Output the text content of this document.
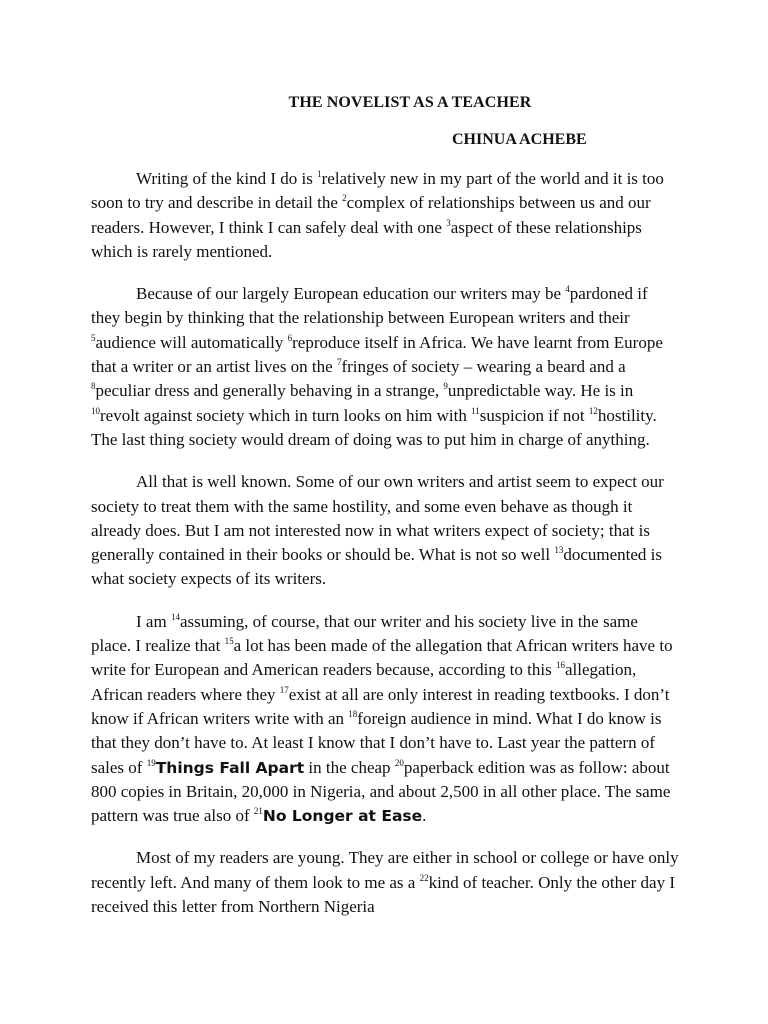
THE NOVELIST AS A TEACHER
CHINUA ACHEBE

Writing of the kind I do is $^1$relatively new in my part of the world and it is too soon to try and describe in detail the $^2$complex of relationships between us and our readers. However, I think I can safely deal with one $^3$aspect of these relationships which is rarely mentioned.

Because of our largely European education our writers may be $^4$pardoned if they begin by thinking that the relationship between European writers and their $^5$audience will automatically $^6$reproduce itself in Africa. We have learnt from Europe that a writer or an artist lives on the $^7$fringes of society – wearing a beard and a $^8$peculiar dress and generally behaving in a strange, $^9$unpredictable way. He is in $^{10}$revolt against society which in turn looks on him with $^{11}$suspicion if not $^{12}$hostility. The last thing society would dream of doing was to put him in charge of anything.

All that is well known. Some of our own writers and artist seem to expect our society to treat them with the same hostility, and some even behave as though it already does. But I am not interested now in what writers expect of society; that is generally contained in their books or should be. What is not so well $^{13}$documented is what society expects of its writers.

I am $^{14}$assuming, of course, that our writer and his society live in the same place. I realize that $^{15}$a lot has been made of the allegation that African writers have to write for European and American readers because, according to this $^{16}$allegation, African readers where they $^{17}$exist at all are only interest in reading textbooks. I don’t know if African writers write with an $^{18}$foreign audience in mind. What I do know is that they don’t have to. At least I know that I don’t have to. Last year the pattern of sales of $^{19}$Things Fall Apart in the cheap $^{20}$paperback edition was as follow: about 800 copies in Britain, 20,000 in Nigeria, and about 2,500 in all other place. The same pattern was true also of $^{21}$No Longer at Ease.

Most of my readers are young. They are either in school or college or have only recently left. And many of them look to me as a $^{22}$kind of teacher. Only the other day I received this letter from Northern Nigeria
